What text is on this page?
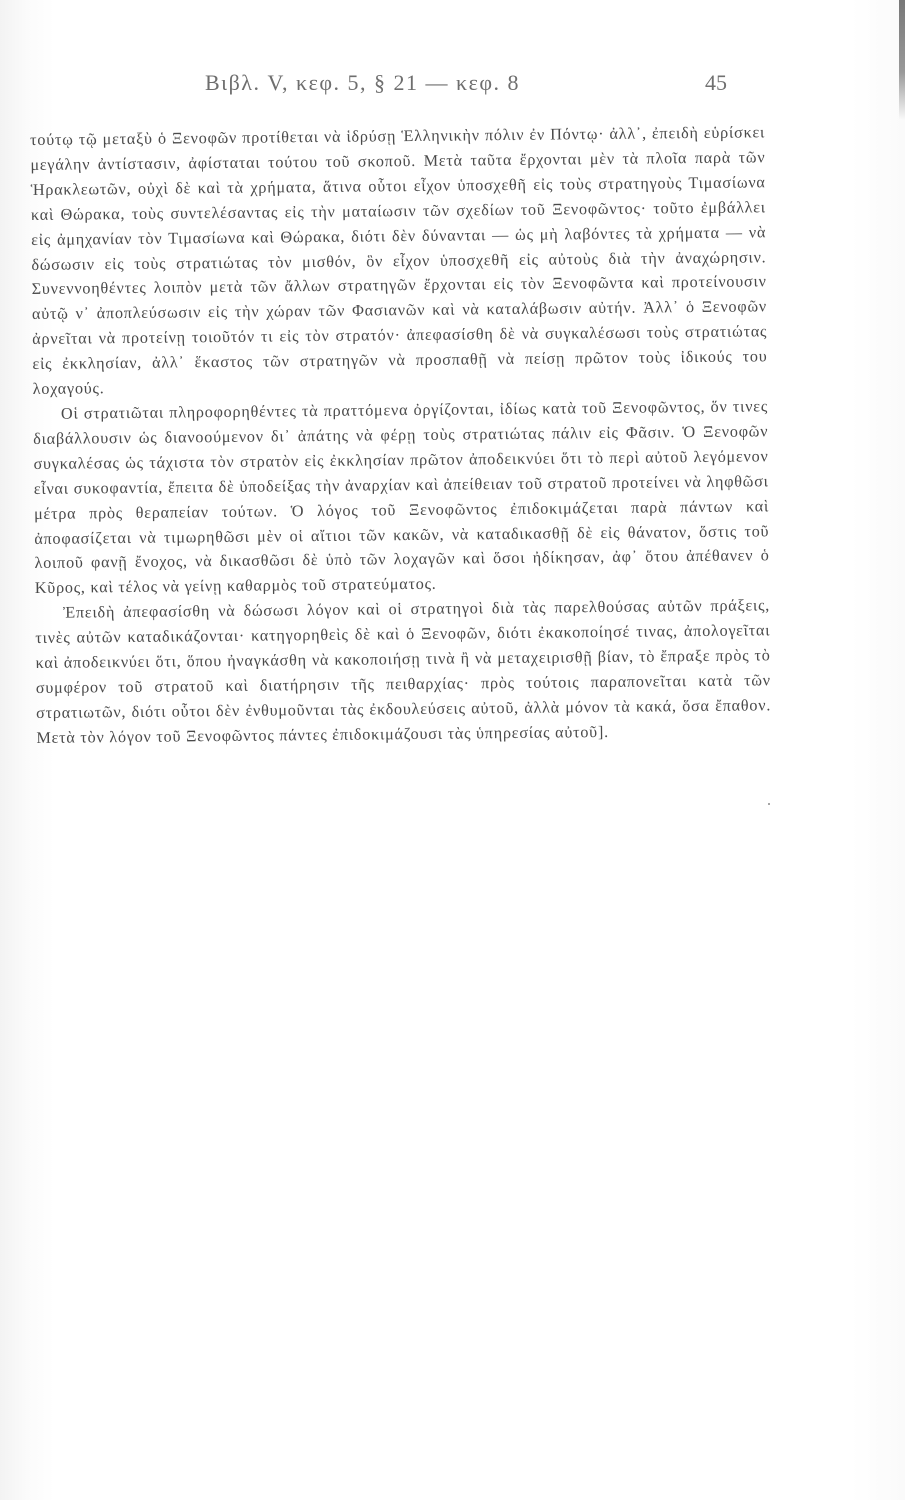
Βιβλ. V, κεφ. 5, § 21 — κεφ. 8	45

τούτῳ τῷ μεταξὺ ὁ Ξενοφῶν προτίθεται νὰ ἱδρύσῃ Ἑλληνικὴν πόλιν ἐν Πόντῳ· ἀλλ᾽, ἐπειδὴ εὑρίσκει μεγάλην ἀντίστασιν, ἀφίσταται τούτου τοῦ σκοποῦ. Μετὰ ταῦτα ἔρχονται μὲν τὰ πλοῖα παρὰ τῶν Ἡρακλεωτῶν, οὐχὶ δὲ καὶ τὰ χρήματα, ἅτινα οὗτοι εἶχον ὑποσχεθῆ εἰς τοὺς στρατηγοὺς Τιμασίωνα καὶ Θώρακα, τοὺς συντελέσαντας εἰς τὴν ματαίωσιν τῶν σχεδίων τοῦ Ξενοφῶντος· τοῦτο ἐμβάλλει εἰς ἀμηχανίαν τὸν Τιμασίωνα καὶ Θώρακα, διότι δὲν δύνανται — ὡς μὴ λαβόντες τὰ χρήματα — νὰ δώσωσιν εἰς τοὺς στρατιώτας τὸν μισθόν, ὃν εἶχον ὑποσχεθῆ εἰς αὐτοὺς διὰ τὴν ἀναχώρησιν. Συνεννοηθέντες λοιπὸν μετὰ τῶν ἄλλων στρατηγῶν ἔρχονται εἰς τὸν Ξενοφῶντα καὶ προτείνουσιν αὐτῷ ν᾽ ἀποπλεύσωσιν εἰς τὴν χώραν τῶν Φασιανῶν καὶ νὰ καταλάβωσιν αὐτήν. Ἀλλ᾽ ὁ Ξενοφῶν ἀρνεῖται νὰ προτείνῃ τοιοῦτόν τι εἰς τὸν στρατόν· ἀπεφασίσθη δὲ νὰ συγκαλέσωσι τοὺς στρατιώτας εἰς ἐκκλησίαν, ἀλλ᾽ ἕκαστος τῶν στρατηγῶν νὰ προσπαθῇ νὰ πείσῃ πρῶτον τοὺς ἰδικούς του λοχαγούς.

Οἱ στρατιῶται πληροφορηθέντες τὰ πραττόμενα ὀργίζονται, ἰδίως κατὰ τοῦ Ξενοφῶντος, ὅν τινες διαβάλλουσιν ὡς διανοούμενον δι᾽ ἀπάτης νὰ φέρῃ τοὺς στρατιώτας πάλιν εἰς Φᾶσιν. Ὁ Ξενοφῶν συγκαλέσας ὡς τάχιστα τὸν στρατὸν εἰς ἐκκλησίαν πρῶτον ἀποδεικνύει ὅτι τὸ περὶ αὐτοῦ λεγόμενον εἶναι συκοφαντία, ἔπειτα δὲ ὑποδείξας τὴν ἀναρχίαν καὶ ἀπείθειαν τοῦ στρατοῦ προτείνει νὰ ληφθῶσι μέτρα πρὸς θεραπείαν τούτων. Ὁ λόγος τοῦ Ξενοφῶντος ἐπιδοκιμάζεται παρὰ πάντων καὶ ἀποφασίζεται νὰ τιμωρηθῶσι μὲν οἱ αἴτιοι τῶν κακῶν, νὰ καταδικασθῇ δὲ εἰς θάνατον, ὅστις τοῦ λοιποῦ φανῇ ἔνοχος, νὰ δικασθῶσι δὲ ὑπὸ τῶν λοχαγῶν καὶ ὅσοι ἠδίκησαν, ἀφ᾽ ὅτου ἀπέθανεν ὁ Κῦρος, καὶ τέλος νὰ γείνῃ καθαρμὸς τοῦ στρατεύματος.

Ἐπειδὴ ἀπεφασίσθη νὰ δώσωσι λόγον καὶ οἱ στρατηγοὶ διὰ τὰς παρελθούσας αὐτῶν πράξεις, τινὲς αὐτῶν καταδικάζονται· κατηγορηθεὶς δὲ καὶ ὁ Ξενοφῶν, διότι ἐκακοποίησέ τινας, ἀπολογεῖται καὶ ἀποδεικνύει ὅτι, ὅπου ἠναγκάσθη νὰ κακοποιήσῃ τινὰ ἢ νὰ μεταχειρισθῇ βίαν, τὸ ἔπραξε πρὸς τὸ συμφέρον τοῦ στρατοῦ καὶ διατήρησιν τῆς πειθαρχίας· πρὸς τούτοις παραπονεῖται κατὰ τῶν στρατιωτῶν, διότι οὗτοι δὲν ἐνθυμοῦνται τὰς ἐκδουλεύσεις αὐτοῦ, ἀλλὰ μόνον τὰ κακά, ὅσα ἔπαθον. Μετὰ τὸν λόγον τοῦ Ξενοφῶντος πάντες ἐπιδοκιμάζουσι τὰς ὑπηρεσίας αὐτοῦ].
